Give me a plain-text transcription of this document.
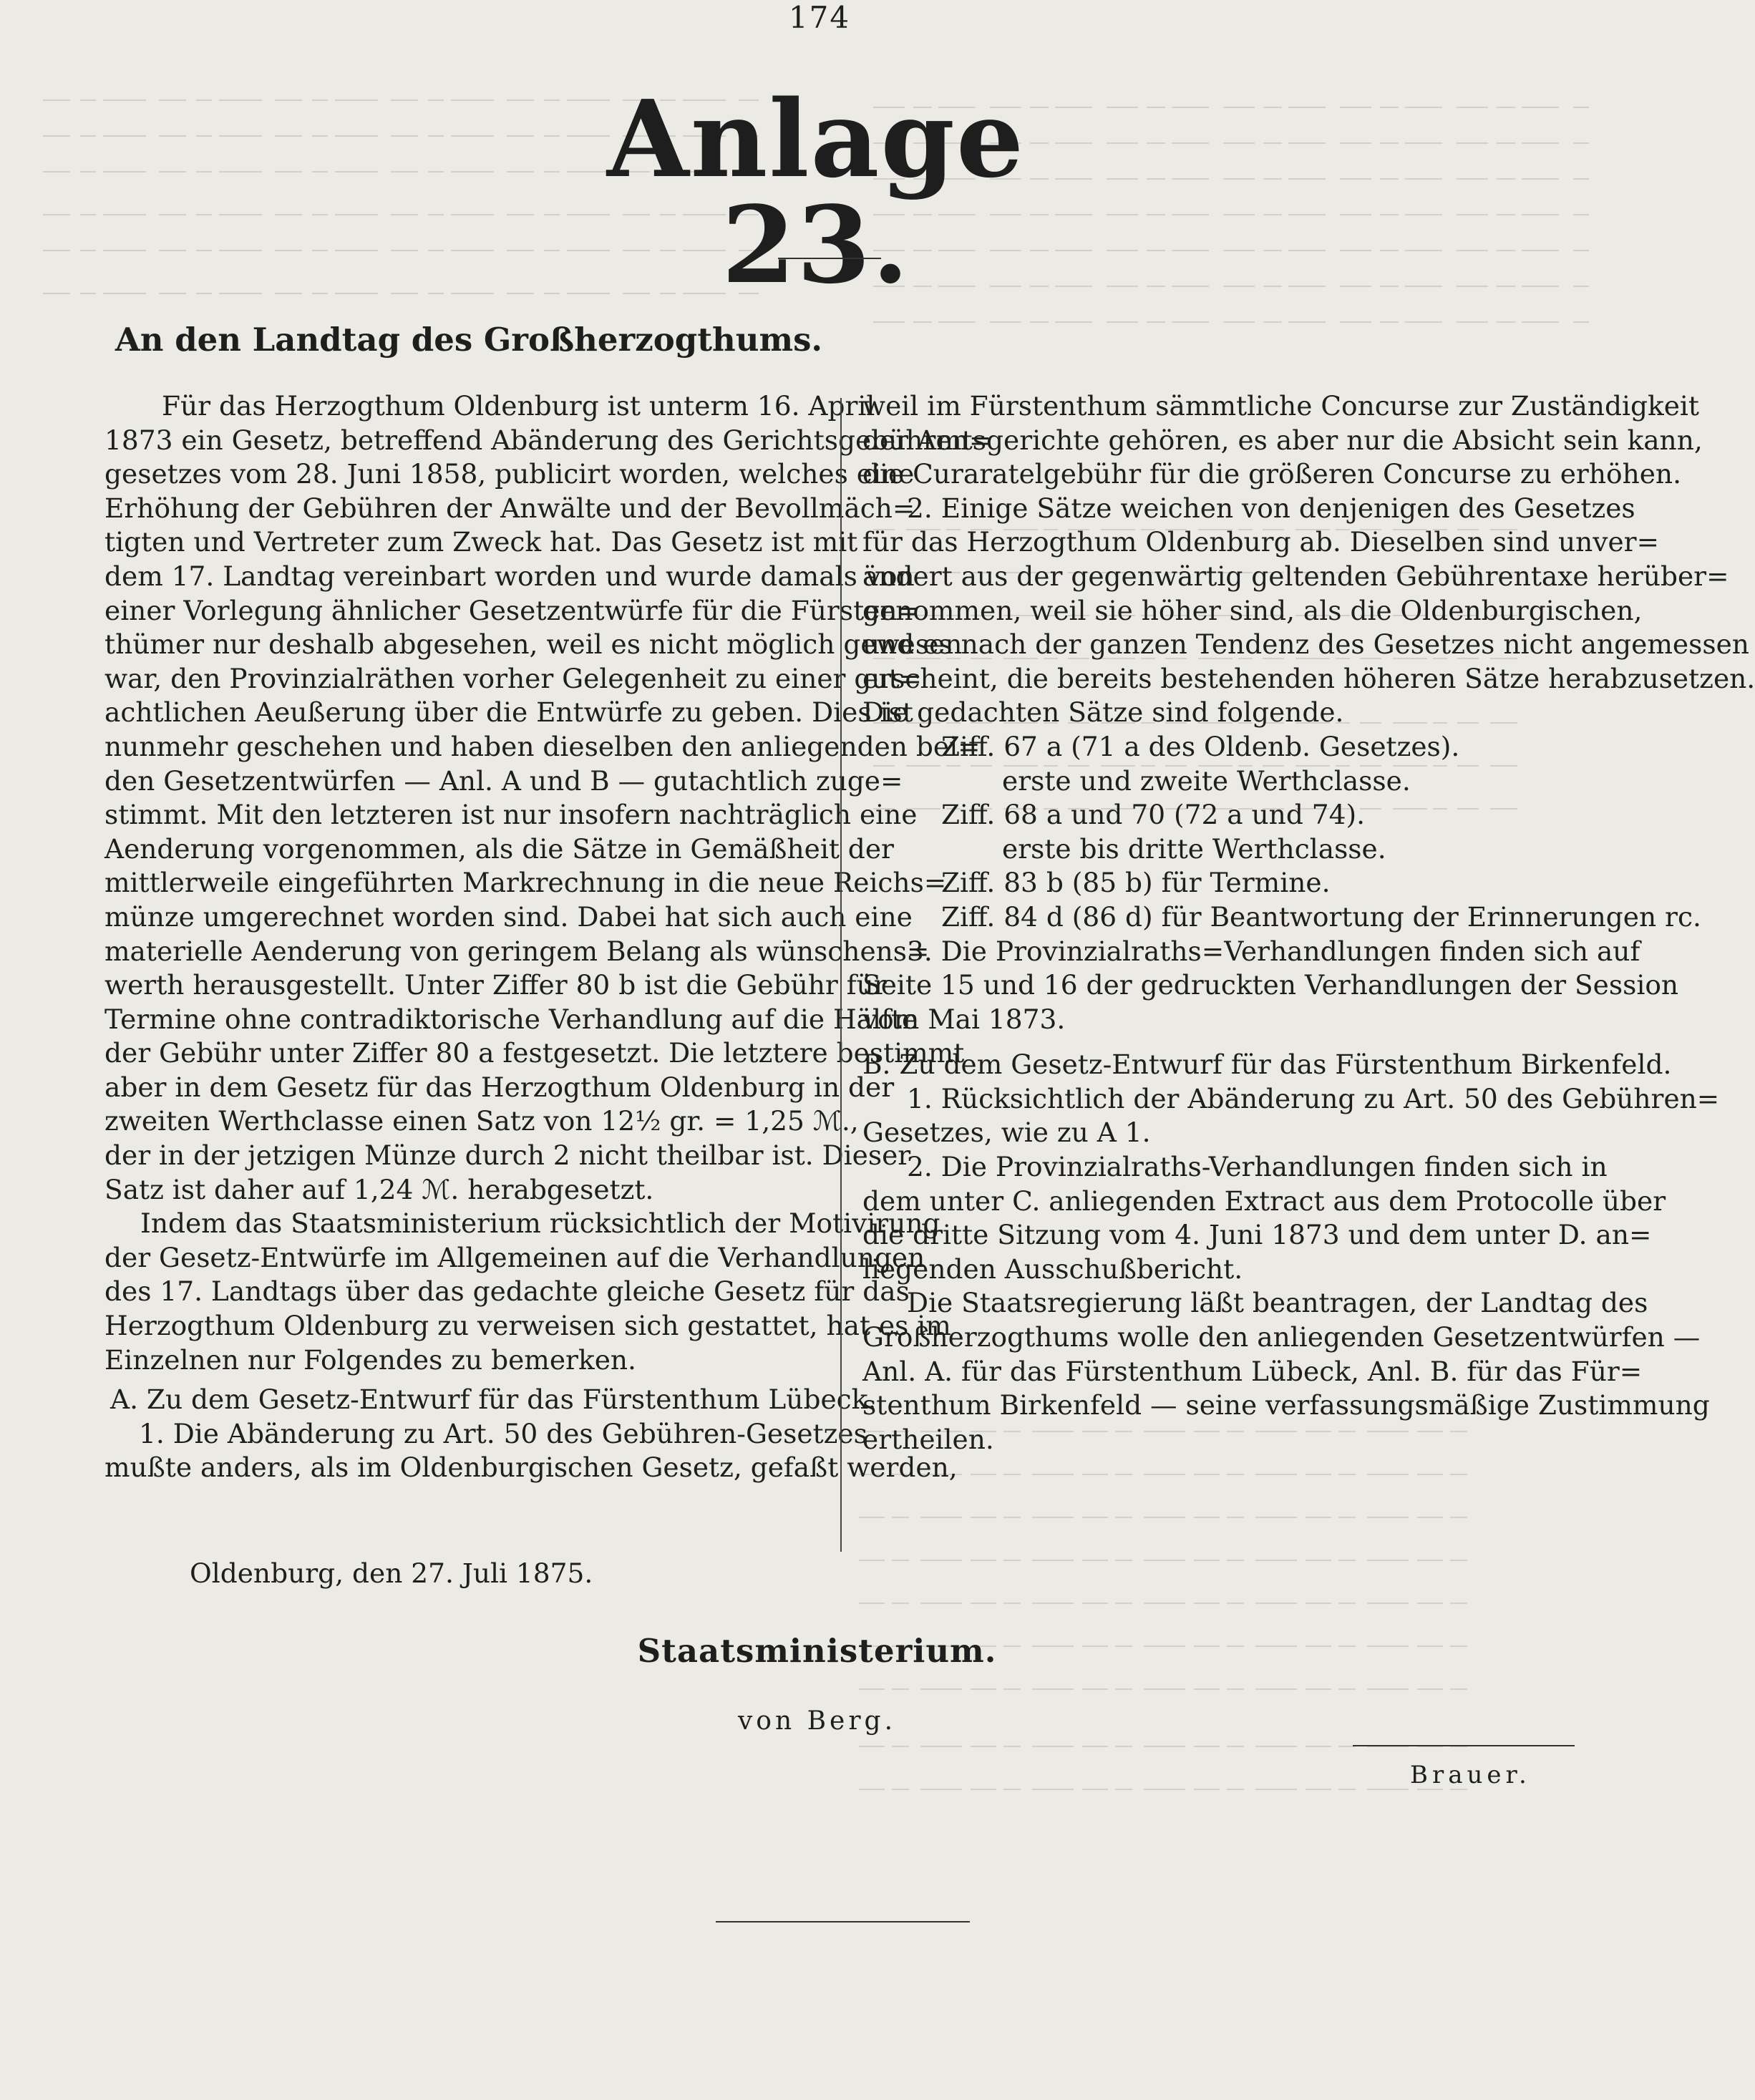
174
Anlage 23.
An den Landtag des Großherzogthums.
Für das Herzogthum Oldenburg ist unterm 16. April
1873 ein Gesetz, betreffend Abänderung des Gerichtsgebühren=
gesetzes vom 28. Juni 1858, publicirt worden, welches eine
Erhöhung der Gebühren der Anwälte und der Bevollmäch=
tigten und Vertreter zum Zweck hat. Das Gesetz ist mit
dem 17. Landtag vereinbart worden und wurde damals von
einer Vorlegung ähnlicher Gesetzentwürfe für die Fürsten=
thümer nur deshalb abgesehen, weil es nicht möglich gewesen
war, den Provinzialräthen vorher Gelegenheit zu einer gut=
achtlichen Aeußerung über die Entwürfe zu geben. Dies ist
nunmehr geschehen und haben dieselben den anliegenden bei=
den Gesetzentwürfen — Anl. A und B — gutachtlich zuge=
stimmt. Mit den letzteren ist nur insofern nachträglich eine
Aenderung vorgenommen, als die Sätze in Gemäßheit der
mittlerweile eingeführten Markrechnung in die neue Reichs=
münze umgerechnet worden sind. Dabei hat sich auch eine
materielle Aenderung von geringem Belang als wünschens=
werth herausgestellt. Unter Ziffer 80 b ist die Gebühr für
Termine ohne contradiktorische Verhandlung auf die Hälfte
der Gebühr unter Ziffer 80 a festgesetzt. Die letztere bestimmt
aber in dem Gesetz für das Herzogthum Oldenburg in der
zweiten Werthclasse einen Satz von 12½ gr. = 1,25 ℳ.,
der in der jetzigen Münze durch 2 nicht theilbar ist. Dieser
Satz ist daher auf 1,24 ℳ. herabgesetzt.
Indem das Staatsministerium rücksichtlich der Motivirung
der Gesetz-Entwürfe im Allgemeinen auf die Verhandlungen
des 17. Landtags über das gedachte gleiche Gesetz für das
Herzogthum Oldenburg zu verweisen sich gestattet, hat es im
Einzelnen nur Folgendes zu bemerken.
A. Zu dem Gesetz-Entwurf für das Fürstenthum Lübeck.
1. Die Abänderung zu Art. 50 des Gebühren-Gesetzes
mußte anders, als im Oldenburgischen Gesetz, gefaßt werden,
weil im Fürstenthum sämmtliche Concurse zur Zuständigkeit
der Amtsgerichte gehören, es aber nur die Absicht sein kann,
die Curaratelgebühr für die größeren Concurse zu erhöhen.
2. Einige Sätze weichen von denjenigen des Gesetzes
für das Herzogthum Oldenburg ab. Dieselben sind unver=
ändert aus der gegenwärtig geltenden Gebührentaxe herüber=
genommen, weil sie höher sind, als die Oldenburgischen,
und es nach der ganzen Tendenz des Gesetzes nicht angemessen
erscheint, die bereits bestehenden höheren Sätze herabzusetzen.
Die gedachten Sätze sind folgende.
Ziff. 67 a (71 a des Oldenb. Gesetzes).
erste und zweite Werthclasse.
Ziff. 68 a und 70 (72 a und 74).
erste bis dritte Werthclasse.
Ziff. 83 b (85 b) für Termine.
Ziff. 84 d (86 d) für Beantwortung der Erinnerungen rc.
3. Die Provinzialraths=Verhandlungen finden sich auf
Seite 15 und 16 der gedruckten Verhandlungen der Session
vom Mai 1873.
B. Zu dem Gesetz-Entwurf für das Fürstenthum Birkenfeld.
1. Rücksichtlich der Abänderung zu Art. 50 des Gebühren=
Gesetzes, wie zu A 1.
2. Die Provinzialraths-Verhandlungen finden sich in
dem unter C. anliegenden Extract aus dem Protocolle über
die dritte Sitzung vom 4. Juni 1873 und dem unter D. an=
liegenden Ausschußbericht.
Die Staatsregierung läßt beantragen, der Landtag des
Großherzogthums wolle den anliegenden Gesetzentwürfen —
Anl. A. für das Fürstenthum Lübeck, Anl. B. für das Für=
stenthum Birkenfeld — seine verfassungsmäßige Zustimmung
ertheilen.
Oldenburg, den 27. Juli 1875.
Staatsministerium.
von Berg.
Brauer.
